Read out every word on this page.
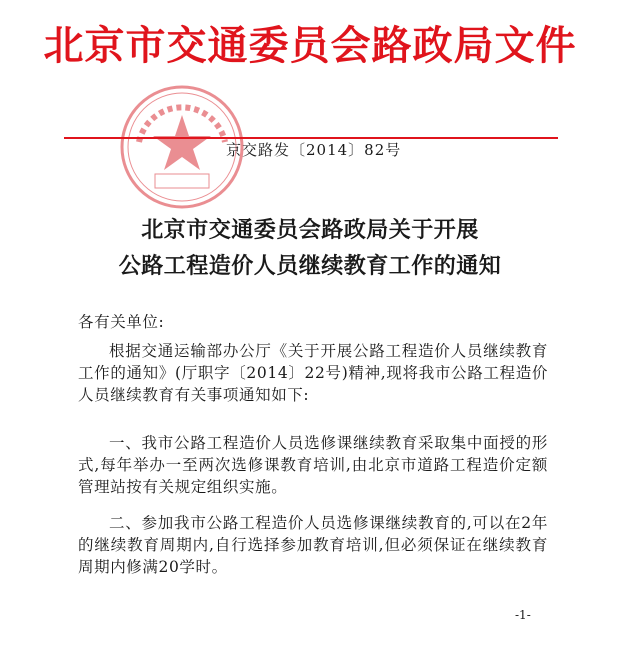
北京市交通委员会路政局文件
京交路发〔2014〕82号
北京市交通委员会路政局关于开展
公路工程造价人员继续教育工作的通知
各有关单位:
根据交通运输部办公厅《关于开展公路工程造价人员继续教育工作的通知》(厅职字〔2014〕22号)精神,现将我市公路工程造价人员继续教育有关事项通知如下:
一、我市公路工程造价人员选修课继续教育采取集中面授的形式,每年举办一至两次选修课教育培训,由北京市道路工程造价定额管理站按有关规定组织实施。
二、参加我市公路工程造价人员选修课继续教育的,可以在2年的继续教育周期内,自行选择参加教育培训,但必须保证在继续教育周期内修满20学时。
-1-
